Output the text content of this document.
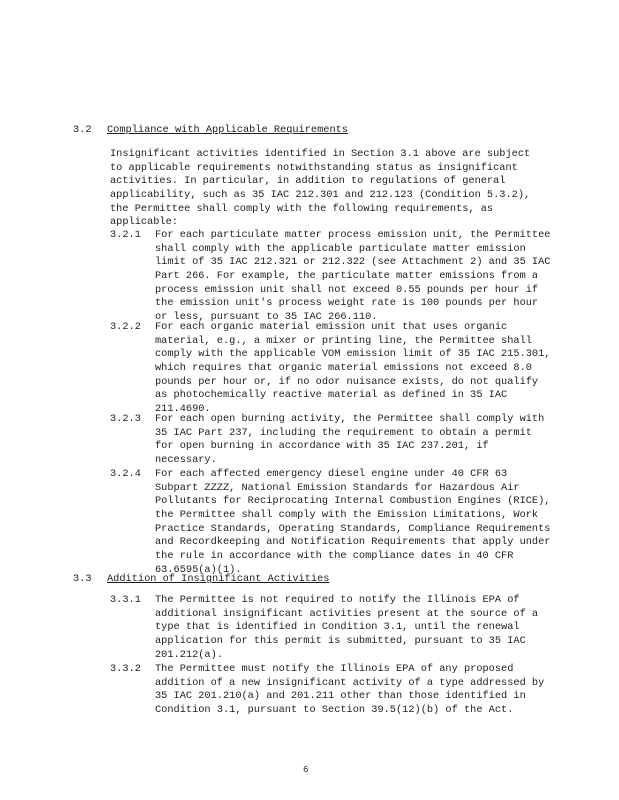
3.2 Compliance with Applicable Requirements
Insignificant activities identified in Section 3.1 above are subject
to applicable requirements notwithstanding status as insignificant
activities. In particular, in addition to regulations of general
applicability, such as 35 IAC 212.301 and 212.123 (Condition 5.3.2),
the Permittee shall comply with the following requirements, as
applicable:
3.2.1 For each particulate matter process emission unit, the Permittee
shall comply with the applicable particulate matter emission
limit of 35 IAC 212.321 or 212.322 (see Attachment 2) and 35 IAC
Part 266. For example, the particulate matter emissions from a
process emission unit shall not exceed 0.55 pounds per hour if
the emission unit's process weight rate is 100 pounds per hour
or less, pursuant to 35 IAC 266.110.
3.2.2 For each organic material emission unit that uses organic
material, e.g., a mixer or printing line, the Permittee shall
comply with the applicable VOM emission limit of 35 IAC 215.301,
which requires that organic material emissions not exceed 8.0
pounds per hour or, if no odor nuisance exists, do not qualify
as photochemically reactive material as defined in 35 IAC
211.4690.
3.2.3 For each open burning activity, the Permittee shall comply with
35 IAC Part 237, including the requirement to obtain a permit
for open burning in accordance with 35 IAC 237.201, if
necessary.
3.2.4 For each affected emergency diesel engine under 40 CFR 63
Subpart ZZZZ, National Emission Standards for Hazardous Air
Pollutants for Reciprocating Internal Combustion Engines (RICE),
the Permittee shall comply with the Emission Limitations, Work
Practice Standards, Operating Standards, Compliance Requirements
and Recordkeeping and Notification Requirements that apply under
the rule in accordance with the compliance dates in 40 CFR
63.6595(a)(1).
3.3 Addition of Insignificant Activities
3.3.1 The Permittee is not required to notify the Illinois EPA of
additional insignificant activities present at the source of a
type that is identified in Condition 3.1, until the renewal
application for this permit is submitted, pursuant to 35 IAC
201.212(a).
3.3.2 The Permittee must notify the Illinois EPA of any proposed
addition of a new insignificant activity of a type addressed by
35 IAC 201.210(a) and 201.211 other than those identified in
Condition 3.1, pursuant to Section 39.5(12)(b) of the Act.
6
